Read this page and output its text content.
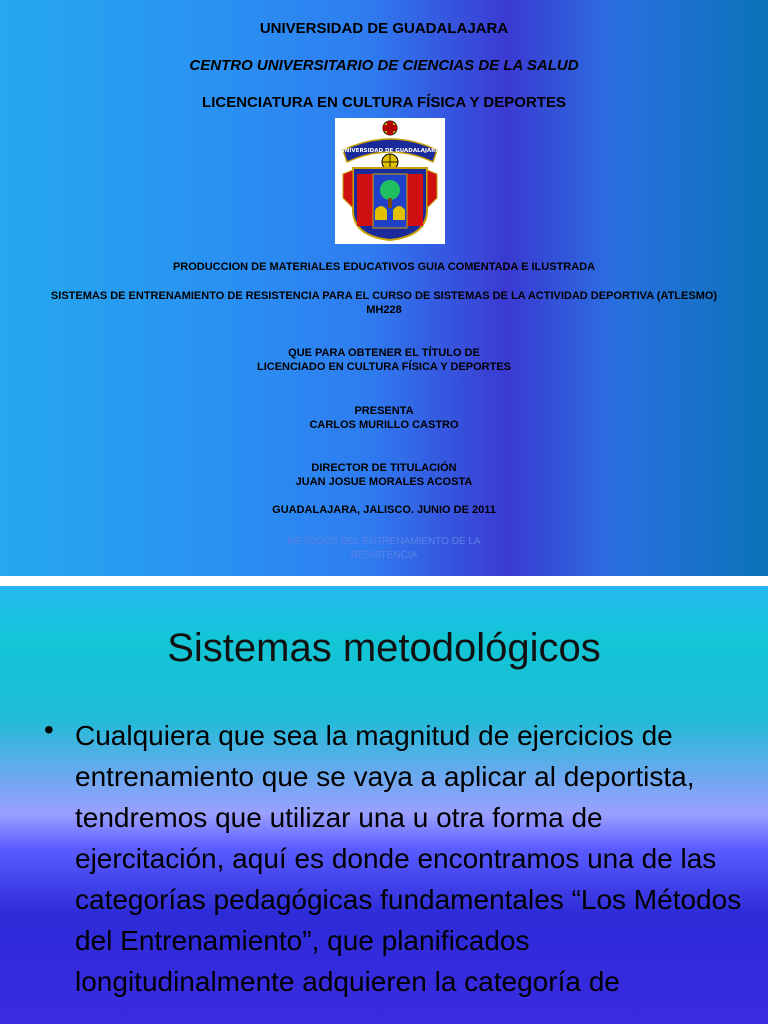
UNIVERSIDAD DE GUADALAJARA
CENTRO UNIVERSITARIO DE CIENCIAS DE LA SALUD
LICENCIATURA EN CULTURA FÍSICA Y DEPORTES
UNIVERSIDAD DE GUADALAJARA
PRODUCCION DE MATERIALES EDUCATIVOS GUIA COMENTADA E ILUSTRADA
SISTEMAS DE ENTRENAMIENTO DE RESISTENCIA PARA EL CURSO DE SISTEMAS DE LA ACTIVIDAD DEPORTIVA (ATLESMO)
MH228
QUE PARA OBTENER EL TÍTULO DE
LICENCIADO EN CULTURA FÍSICA Y DEPORTES
PRESENTA
CARLOS MURILLO CASTRO
DIRECTOR DE TITULACIÓN
JUAN JOSUE MORALES ACOSTA
GUADALAJARA, JALISCO. JUNIO DE 2011
METODOS DEL ENTRENAMIENTO DE LA
RESISTENCIA
Sistemas metodológicos
• Cualquiera que sea la magnitud de ejercicios de entrenamiento que se vaya a aplicar al deportista, tendremos que utilizar una u otra forma de ejercitación, aquí es donde encontramos una de las categorías pedagógicas fundamentales “Los Métodos del Entrenamiento”, que planificados longitudinalmente adquieren la categoría de
